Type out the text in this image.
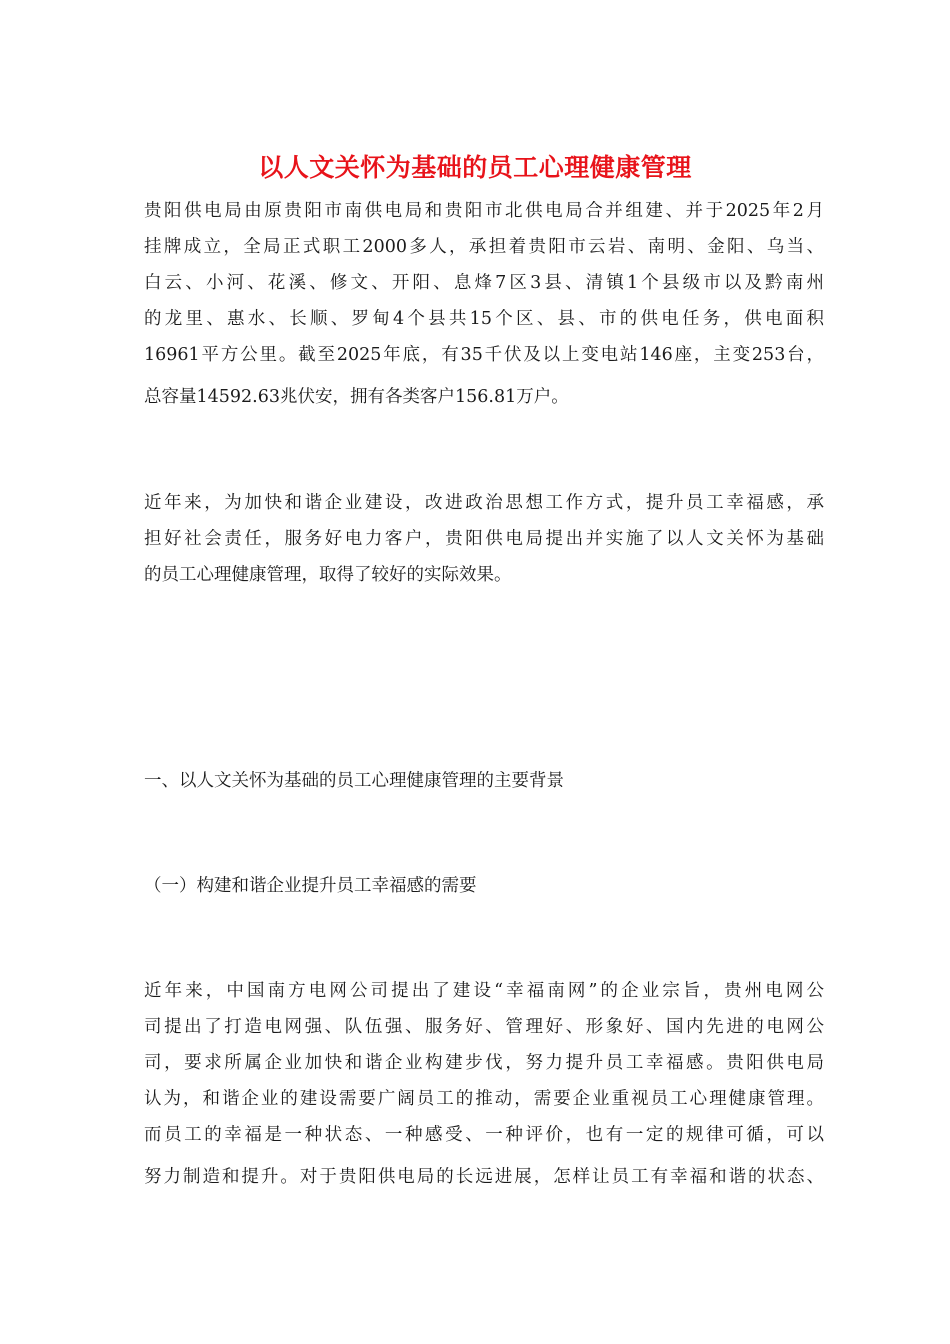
以人文关怀为基础的员工心理健康管理
贵阳供电局由原贵阳市南供电局和贵阳市北供电局合并组建、并于2025年2月
挂牌成立，全局正式职工2000多人，承担着贵阳市云岩、南明、金阳、乌当、
白云、小河、花溪、修文、开阳、息烽7区3县、清镇1个县级市以及黔南州
的龙里、惠水、长顺、罗甸4个县共15个区、县、市的供电任务，供电面积
16961平方公里。截至2025年底，有35千伏及以上变电站146座，主变253台，
总容量14592.63兆伏安，拥有各类客户156.81万户。
近年来，为加快和谐企业建设，改进政治思想工作方式，提升员工幸福感，承
担好社会责任，服务好电力客户，贵阳供电局提出并实施了以人文关怀为基础
的员工心理健康管理，取得了较好的实际效果。
一、以人文关怀为基础的员工心理健康管理的主要背景
（一）构建和谐企业提升员工幸福感的需要
近年来，中国南方电网公司提出了建设“幸福南网”的企业宗旨，贵州电网公
司提出了打造电网强、队伍强、服务好、管理好、形象好、国内先进的电网公
司，要求所属企业加快和谐企业构建步伐，努力提升员工幸福感。贵阳供电局
认为，和谐企业的建设需要广阔员工的推动，需要企业重视员工心理健康管理。
而员工的幸福是一种状态、一种感受、一种评价，也有一定的规律可循，可以
努力制造和提升。对于贵阳供电局的长远进展，怎样让员工有幸福和谐的状态、
